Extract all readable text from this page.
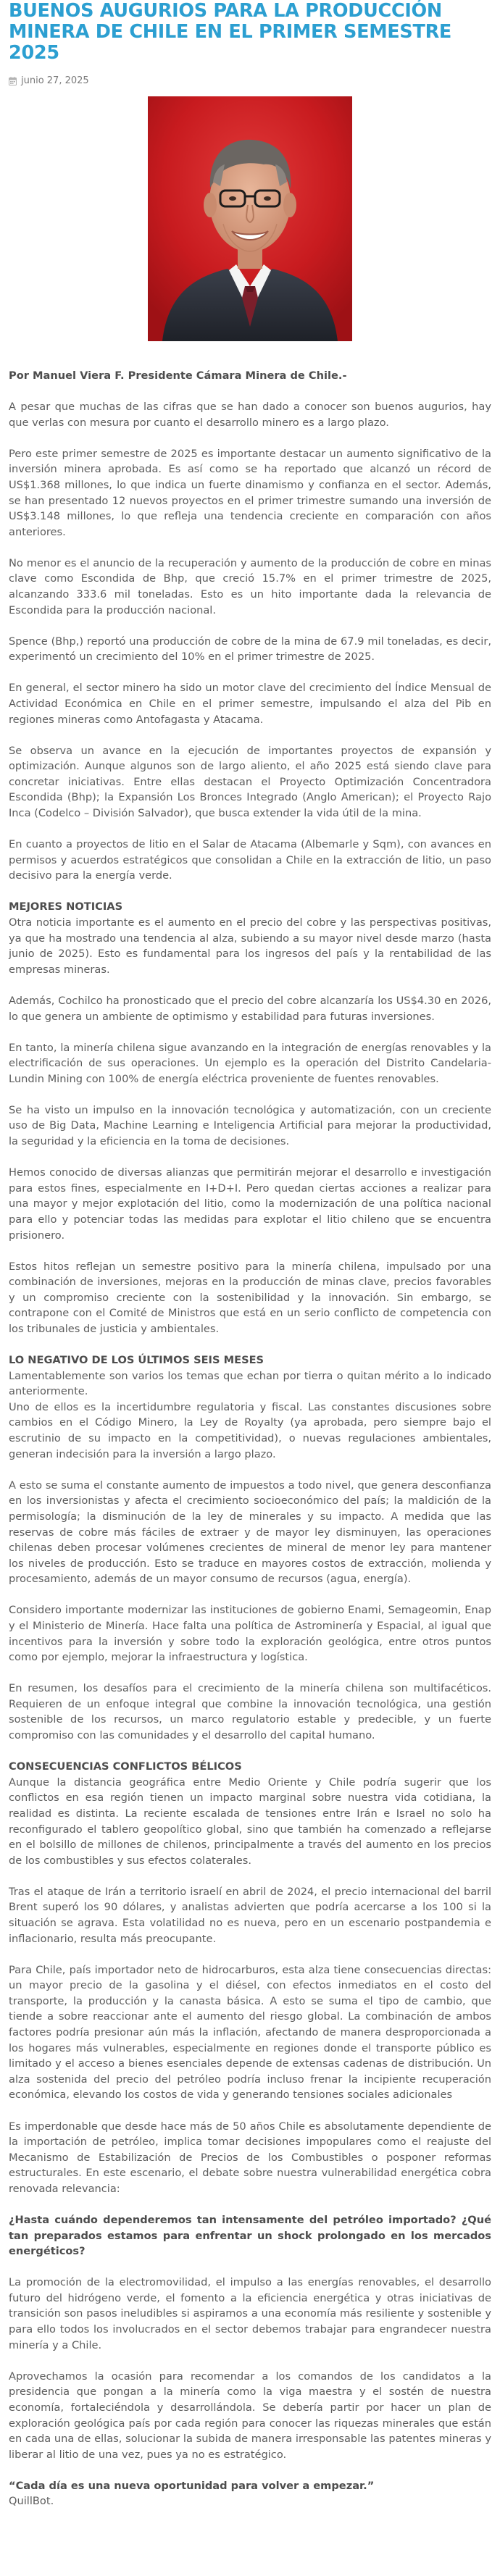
BUENOS AUGURIOS PARA LA PRODUCCIÓN MINERA DE CHILE EN EL PRIMER SEMESTRE 2025
junio 27, 2025

Por Manuel Viera F. Presidente Cámara Minera de Chile.-

A pesar que muchas de las cifras que se han dado a conocer son buenos augurios, hay que verlas con mesura por cuanto el desarrollo minero es a largo plazo.

Pero este primer semestre de 2025 es importante destacar un aumento significativo de la inversión minera aprobada. Es así como se ha reportado que alcanzó un récord de US$1.368 millones, lo que indica un fuerte dinamismo y confianza en el sector. Además, se han presentado 12 nuevos proyectos en el primer trimestre sumando una inversión de US$3.148 millones, lo que refleja una tendencia creciente en comparación con años anteriores.

No menor es el anuncio de la recuperación y aumento de la producción de cobre en minas clave como Escondida de Bhp, que creció 15.7% en el primer trimestre de 2025, alcanzando 333.6 mil toneladas. Esto es un hito importante dada la relevancia de Escondida para la producción nacional.

Spence (Bhp,) reportó una producción de cobre de la mina de 67.9 mil toneladas, es decir, experimentó un crecimiento del 10% en el primer trimestre de 2025.

En general, el sector minero ha sido un motor clave del crecimiento del Índice Mensual de Actividad Económica en Chile en el primer semestre, impulsando el alza del Pib en regiones mineras como Antofagasta y Atacama.

Se observa un avance en la ejecución de importantes proyectos de expansión y optimización. Aunque algunos son de largo aliento, el año 2025 está siendo clave para concretar iniciativas. Entre ellas destacan el Proyecto Optimización Concentradora Escondida (Bhp); la Expansión Los Bronces Integrado (Anglo American); el Proyecto Rajo Inca (Codelco – División Salvador), que busca extender la vida útil de la mina.

En cuanto a proyectos de litio en el Salar de Atacama (Albemarle y Sqm), con avances en permisos y acuerdos estratégicos que consolidan a Chile en la extracción de litio, un paso decisivo para la energía verde.

MEJORES NOTICIAS

Otra noticia importante es el aumento en el precio del cobre y las perspectivas positivas, ya que ha mostrado una tendencia al alza, subiendo a su mayor nivel desde marzo (hasta junio de 2025). Esto es fundamental para los ingresos del país y la rentabilidad de las empresas mineras.

Además, Cochilco ha pronosticado que el precio del cobre alcanzaría los US$4.30 en 2026, lo que genera un ambiente de optimismo y estabilidad para futuras inversiones.

En tanto, la minería chilena sigue avanzando en la integración de energías renovables y la electrificación de sus operaciones. Un ejemplo es la operación del Distrito Candelaria-Lundin Mining con 100% de energía eléctrica proveniente de fuentes renovables.

Se ha visto un impulso en la innovación tecnológica y automatización, con un creciente uso de Big Data, Machine Learning e Inteligencia Artificial para mejorar la productividad, la seguridad y la eficiencia en la toma de decisiones.

Hemos conocido de diversas alianzas que permitirán mejorar el desarrollo e investigación para estos fines, especialmente en I+D+I. Pero quedan ciertas acciones a realizar para una mayor y mejor explotación del litio, como la modernización de una política nacional para ello y potenciar todas las medidas para explotar el litio chileno que se encuentra prisionero.

Estos hitos reflejan un semestre positivo para la minería chilena, impulsado por una combinación de inversiones, mejoras en la producción de minas clave, precios favorables y un compromiso creciente con la sostenibilidad y la innovación. Sin embargo, se contrapone con el Comité de Ministros que está en un serio conflicto de competencia con los tribunales de justicia y ambientales.

LO NEGATIVO DE LOS ÚLTIMOS SEIS MESES

Lamentablemente son varios los temas que echan por tierra o quitan mérito a lo indicado anteriormente.

Uno de ellos es la incertidumbre regulatoria y fiscal. Las constantes discusiones sobre cambios en el Código Minero, la Ley de Royalty (ya aprobada, pero siempre bajo el escrutinio de su impacto en la competitividad), o nuevas regulaciones ambientales, generan indecisión para la inversión a largo plazo.

A esto se suma el constante aumento de impuestos a todo nivel, que genera desconfianza en los inversionistas y afecta el crecimiento socioeconómico del país; la maldición de la permisología; la disminución de la ley de minerales y su impacto. A medida que las reservas de cobre más fáciles de extraer y de mayor ley disminuyen, las operaciones chilenas deben procesar volúmenes crecientes de mineral de menor ley para mantener los niveles de producción. Esto se traduce en mayores costos de extracción, molienda y procesamiento, además de un mayor consumo de recursos (agua, energía).

Considero importante modernizar las instituciones de gobierno Enami, Semageomin, Enap y el Ministerio de Minería. Hace falta una política de Astrominería y Espacial, al igual que incentivos para la inversión y sobre todo la exploración geológica, entre otros puntos como por ejemplo, mejorar la infraestructura y logística.

En resumen, los desafíos para el crecimiento de la minería chilena son multifacéticos. Requieren de un enfoque integral que combine la innovación tecnológica, una gestión sostenible de los recursos, un marco regulatorio estable y predecible, y un fuerte compromiso con las comunidades y el desarrollo del capital humano.

CONSECUENCIAS CONFLICTOS BÉLICOS

Aunque la distancia geográfica entre Medio Oriente y Chile podría sugerir que los conflictos en esa región tienen un impacto marginal sobre nuestra vida cotidiana, la realidad es distinta. La reciente escalada de tensiones entre Irán e Israel no solo ha reconfigurado el tablero geopolítico global, sino que también ha comenzado a reflejarse en el bolsillo de millones de chilenos, principalmente a través del aumento en los precios de los combustibles y sus efectos colaterales.

Tras el ataque de Irán a territorio israelí en abril de 2024, el precio internacional del barril Brent superó los 90 dólares, y analistas advierten que podría acercarse a los 100 si la situación se agrava. Esta volatilidad no es nueva, pero en un escenario postpandemia e inflacionario, resulta más preocupante.

Para Chile, país importador neto de hidrocarburos, esta alza tiene consecuencias directas: un mayor precio de la gasolina y el diésel, con efectos inmediatos en el costo del transporte, la producción y la canasta básica. A esto se suma el tipo de cambio, que tiende a sobre reaccionar ante el aumento del riesgo global. La combinación de ambos factores podría presionar aún más la inflación, afectando de manera desproporcionada a los hogares más vulnerables, especialmente en regiones donde el transporte público es limitado y el acceso a bienes esenciales depende de extensas cadenas de distribución. Un alza sostenida del precio del petróleo podría incluso frenar la incipiente recuperación económica, elevando los costos de vida y generando tensiones sociales adicionales

Es imperdonable que desde hace más de 50 años Chile es absolutamente dependiente de la importación de petróleo, implica tomar decisiones impopulares como el reajuste del Mecanismo de Estabilización de Precios de los Combustibles o posponer reformas estructurales. En este escenario, el debate sobre nuestra vulnerabilidad energética cobra renovada relevancia:

¿Hasta cuándo dependeremos tan intensamente del petróleo importado? ¿Qué tan preparados estamos para enfrentar un shock prolongado en los mercados energéticos?

La promoción de la electromovilidad, el impulso a las energías renovables, el desarrollo futuro del hidrógeno verde, el fomento a la eficiencia energética y otras iniciativas de transición son pasos ineludibles si aspiramos a una economía más resiliente y sostenible y para ello todos los involucrados en el sector debemos trabajar para engrandecer nuestra minería y a Chile.

Aprovechamos la ocasión para recomendar a los comandos de los candidatos a la presidencia que pongan a la minería como la viga maestra y el sostén de nuestra economía, fortaleciéndola y desarrollándola. Se debería partir por hacer un plan de exploración geológica país por cada región para conocer las riquezas minerales que están en cada una de ellas, solucionar la subida de manera irresponsable las patentes mineras y liberar al litio de una vez, pues ya no es estratégico.

“Cada día es una nueva oportunidad para volver a empezar.”

QuillBot.
